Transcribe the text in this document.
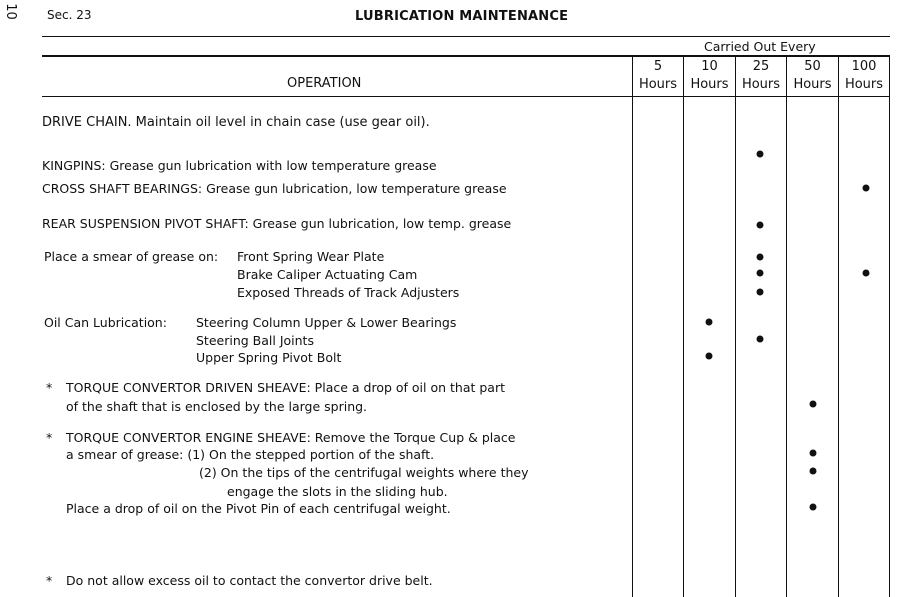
10 Sec. 23	LUBRICATION MAINTENANCE
Carried Out Every
OPERATION
5
Hours
10
Hours
25
Hours
50
Hours
100
Hours
DRIVE CHAIN. Maintain oil level in chain case (use gear oil).
KINGPINS: Grease gun lubrication with low temperature grease
CROSS SHAFT BEARINGS: Grease gun lubrication, low temperature grease
REAR SUSPENSION PIVOT SHAFT: Grease gun lubrication, low temp. grease
Place a smear of grease on: Front Spring Wear Plate
Brake Caliper Actuating Cam
Exposed Threads of Track Adjusters
Oil Can Lubrication: Steering Column Upper & Lower Bearings
Steering Ball Joints
Upper Spring Pivot Bolt
* TORQUE CONVERTOR DRIVEN SHEAVE: Place a drop of oil on that part
of the shaft that is enclosed by the large spring.
* TORQUE CONVERTOR ENGINE SHEAVE: Remove the Torque Cup & place
a smear of grease: (1) On the stepped portion of the shaft.
(2) On the tips of the centrifugal weights where they
engage the slots in the sliding hub.
Place a drop of oil on the Pivot Pin of each centrifugal weight.
* Do not allow excess oil to contact the convertor drive belt.
